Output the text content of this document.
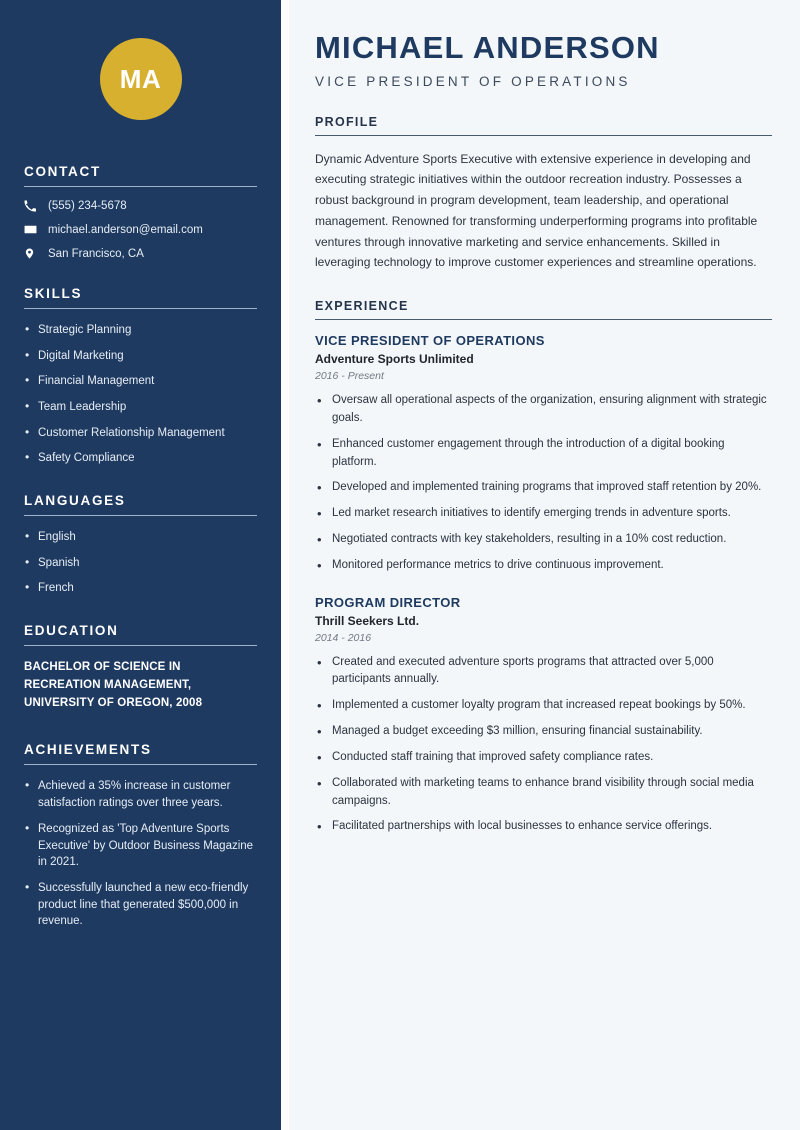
MA
CONTACT
(555) 234-5678
michael.anderson@email.com
San Francisco, CA
SKILLS
• Strategic Planning
• Digital Marketing
• Financial Management
• Team Leadership
• Customer Relationship Management
• Safety Compliance
LANGUAGES
• English
• Spanish
• French
EDUCATION
BACHELOR OF SCIENCE IN RECREATION MANAGEMENT, UNIVERSITY OF OREGON, 2008
ACHIEVEMENTS
• Achieved a 35% increase in customer satisfaction ratings over three years.
• Recognized as 'Top Adventure Sports Executive' by Outdoor Business Magazine in 2021.
• Successfully launched a new eco-friendly product line that generated $500,000 in revenue.
MICHAEL ANDERSON
VICE PRESIDENT OF OPERATIONS
PROFILE

Dynamic Adventure Sports Executive with extensive experience in developing and executing strategic initiatives within the outdoor recreation industry. Possesses a robust background in program development, team leadership, and operational management. Renowned for transforming underperforming programs into profitable ventures through innovative marketing and service enhancements. Skilled in leveraging technology to improve customer experiences and streamline operations.

EXPERIENCE
VICE PRESIDENT OF OPERATIONS
Adventure Sports Unlimited
2016 - Present
• Oversaw all operational aspects of the organization, ensuring alignment with strategic goals.
• Enhanced customer engagement through the introduction of a digital booking platform.
• Developed and implemented training programs that improved staff retention by 20%.
• Led market research initiatives to identify emerging trends in adventure sports.
• Negotiated contracts with key stakeholders, resulting in a 10% cost reduction.
• Monitored performance metrics to drive continuous improvement.
PROGRAM DIRECTOR
Thrill Seekers Ltd.
2014 - 2016
• Created and executed adventure sports programs that attracted over 5,000 participants annually.
• Implemented a customer loyalty program that increased repeat bookings by 50%.
• Managed a budget exceeding $3 million, ensuring financial sustainability.
• Conducted staff training that improved safety compliance rates.
• Collaborated with marketing teams to enhance brand visibility through social media campaigns.
• Facilitated partnerships with local businesses to enhance service offerings.
